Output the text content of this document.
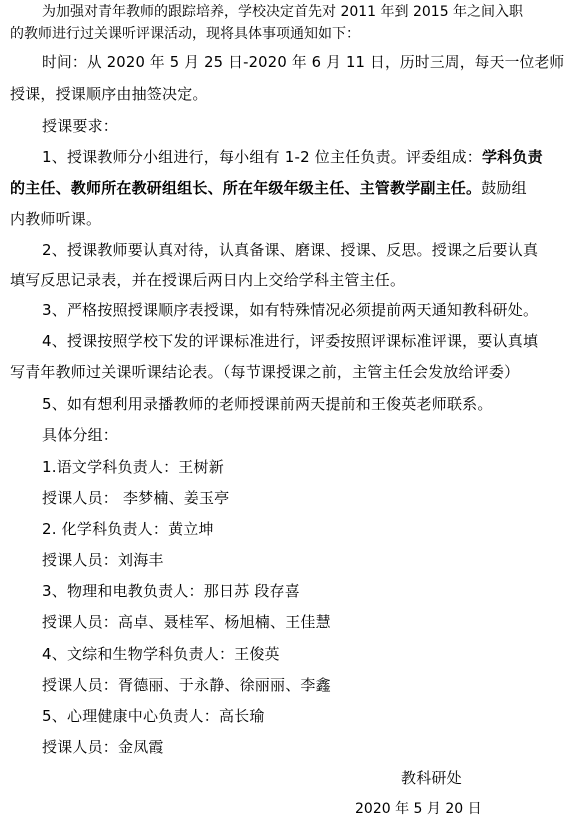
为加强对青年教师的跟踪培养，学校决定首先对 2011 年到 2015 年之间入职
的教师进行过关课听评课活动，现将具体事项通知如下：
时间：从 2020 年 5 月 25 日-2020 年 6 月 11 日，历时三周，每天一位老师
授课，授课顺序由抽签决定。
授课要求：
1、授课教师分小组进行，每小组有 1-2 位主任负责。评委组成：学科负责
的主任、教师所在教研组组长、所在年级年级主任、主管教学副主任。鼓励组
内教师听课。
2、授课教师要认真对待，认真备课、磨课、授课、反思。授课之后要认真
填写反思记录表，并在授课后两日内上交给学科主管主任。
3、严格按照授课顺序表授课，如有特殊情况必须提前两天通知教科研处。
4、授课按照学校下发的评课标准进行，评委按照评课标准评课，要认真填
写青年教师过关课听课结论表。（每节课授课之前，主管主任会发放给评委）
5、如有想利用录播教师的老师授课前两天提前和王俊英老师联系。
具体分组：
1.语文学科负责人：王树新
授课人员： 李梦楠、姜玉亭
2. 化学科负责人：黄立坤
授课人员：刘海丰
3、物理和电教负责人：那日苏 段存喜
授课人员：高卓、聂桂军、杨旭楠、王佳慧
4、文综和生物学科负责人：王俊英
授课人员：胥德丽、于永静、徐丽丽、李鑫
5、心理健康中心负责人：高长瑜
授课人员：金凤霞
教科研处
2020 年 5 月 20 日
